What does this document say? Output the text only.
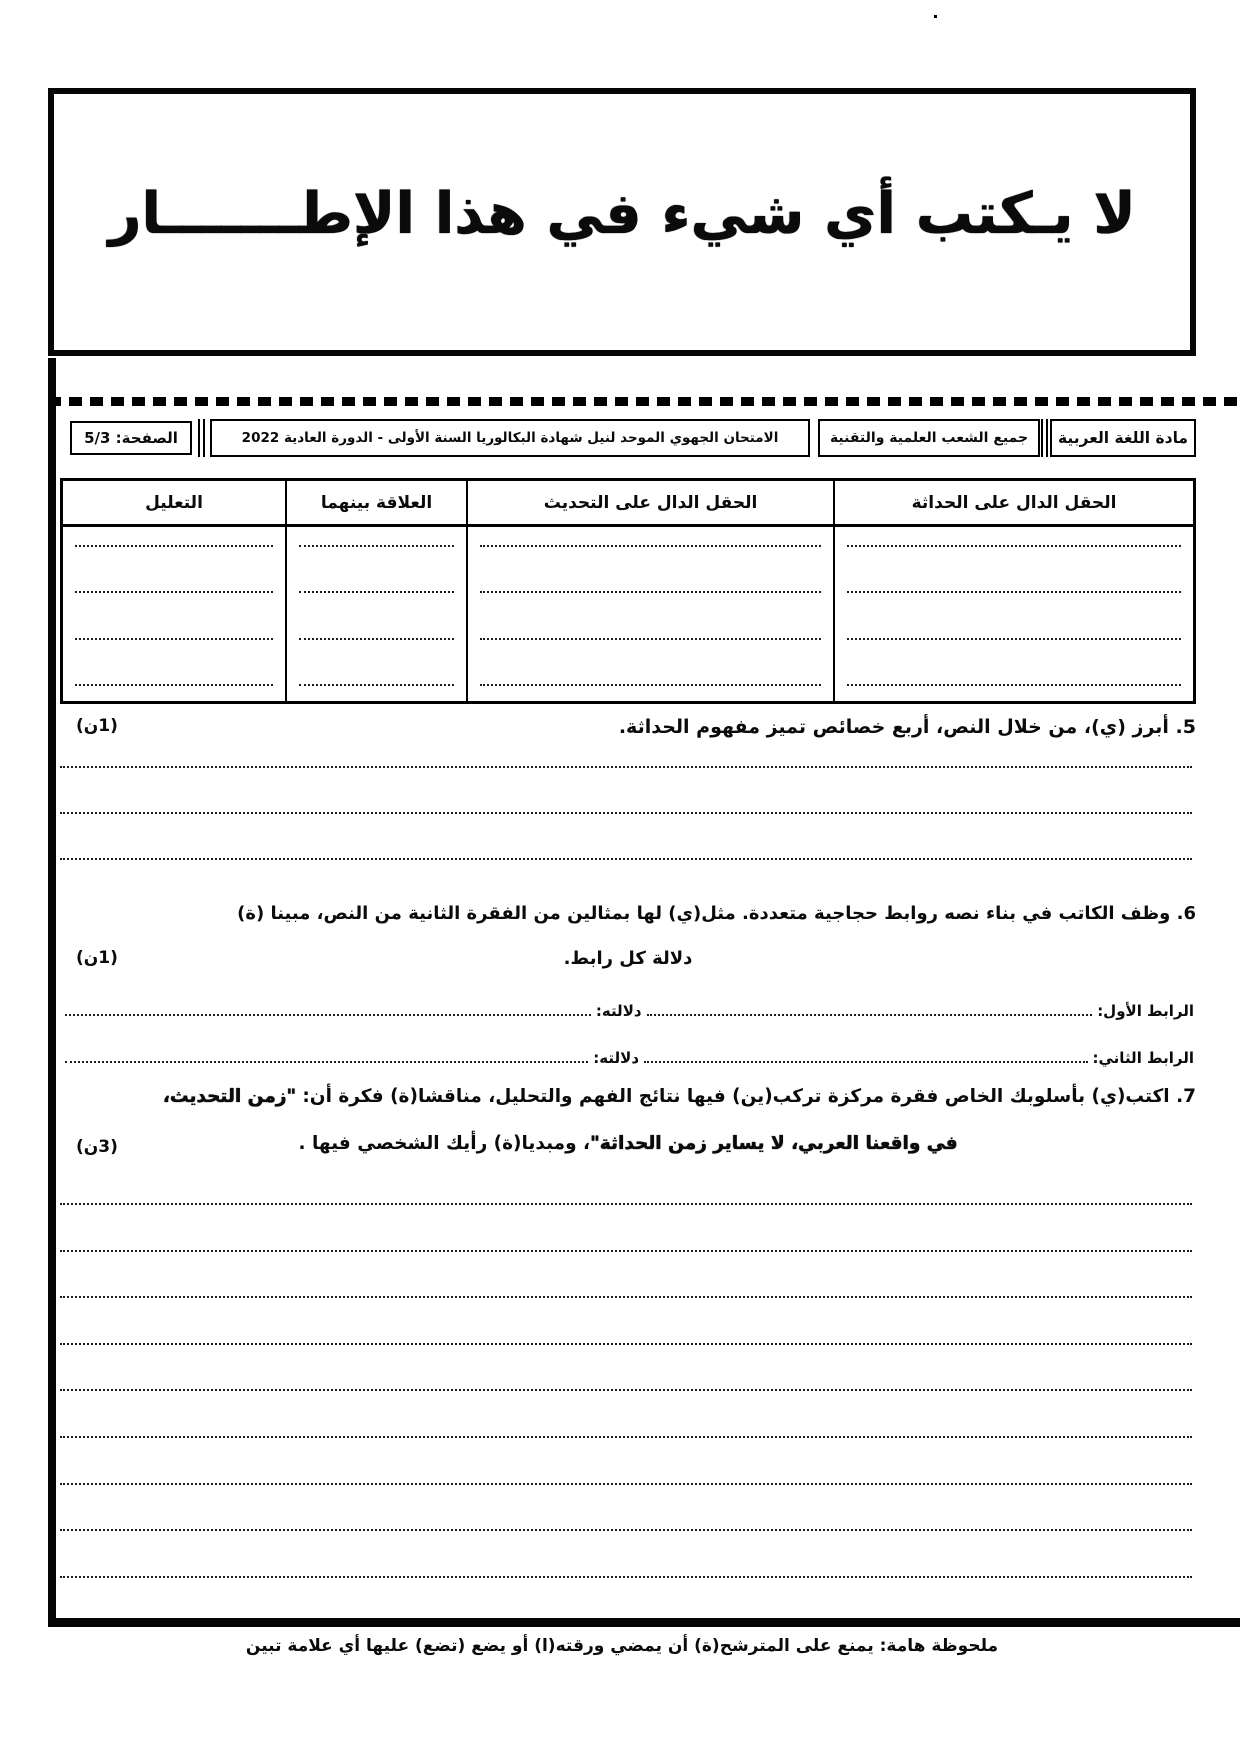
لا يـكتب أي شيء في هذا الإطـــــــار
مادة اللغة العربية
جميع الشعب العلمية والتقنية
الامتحان الجهوي الموحد لنيل شهادة البكالوريا السنة الأولى - الدورة العادية 2022
الصفحة: 5/3
الحقل الدال على الحداثة
الحقل الدال على التحديث
العلاقة بينهما
التعليل
5. أبرز (ي)، من خلال النص، أربع خصائص تميز مفهوم الحداثة.
(1ن)
6. وظف الكاتب في بناء نصه روابط حجاجية متعددة. مثل(ي) لها بمثالين من الفقرة الثانية من النص، مبينا (ة)
دلالة كل رابط.
(1ن)
الرابط الأول:
دلالته:
الرابط الثاني:
دلالته:
7. اكتب(ي) بأسلوبك الخاص فقرة مركزة تركب(ين) فيها نتائج الفهم والتحليل، مناقشا(ة) فكرة أن: "زمن التحديث،
في واقعنا العربي، لا يساير زمن الحداثة"، ومبديا(ة) رأيك الشخصي فيها .
(3ن)
ملحوظة هامة: يمنع على المترشح(ة) أن يمضي ورقته(ا) أو يضع (تضع) عليها أي علامة تبين
